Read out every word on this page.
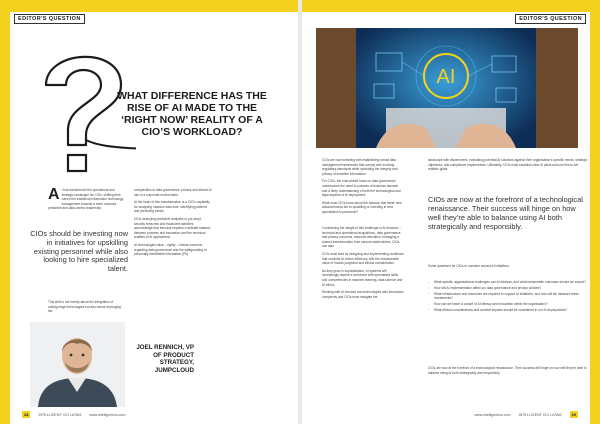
EDITOR'S QUESTION	EDITOR'S QUESTION
WHAT DIFFERENCE HAS THE RISE OF AI MADE TO THE ‘RIGHT NOW’ REALITY OF A CIO’S WORKLOAD?
A I has transformed the operational and strategic landscape for CIOs, shifting their roles from traditional information technology management towards a more nuanced, predictive and data-centric leadership.
This shift is not merely about the integration of cutting-edge technologies but also about leveraging the

complexities of data governance, privacy and ethical AI use in a corporate environment.

At the heart of this transformation is a CIO's capability for analysing massive data sets, identifying patterns and predicting trends.

CIOs deploying predictive analytics to pre-empt security breaches and fraudulent activities acknowledge that this task requires a delicate balance between prowess and innovation and the technical realities of AI applications.

AI technologies raise – rightly – ethical concerns regarding data governance and the safeguarding of personally identifiable information (PII).

CIOs should be investing now in initiatives for upskilling existing personnel while also looking to hire specialized talent.
JOEL RENNICH, VP OF PRODUCT STRATEGY, JUMPCLOUD
AI

CIOs are now wrestling with establishing robust data management frameworks that comply with evolving regulatory standards while upholding the integrity and privacy of sensitive information.

For CIOs, the road ahead focus on data governance underscores the need to possess of business acumen and a deep understanding of both the technological and legal aspects of AI deployment.

What must CIOs know about the balance that these new advancements are to upskilling or investing in new specialised AI personnel?

Considering the weight of this challenge in AI because – technical and operational acquisitions, data governance and privacy concerns, resource allocation, managing a shared transformation from various stakeholders, CIOs can also.

CIOs must lead by designing and implementing workflows that combine AI-driven efficiency with the irreplaceable value of human judgment and ethical consideration.

As they grow in sophistication, AI systems will increasingly require a workforce with specialised skills and competencies in machine learning, data science and AI ethics.

Working with AI vendors and technologies also introduces complexity and CIOs must navigate the

landscape with discernment, evaluating potential AI solutions against their organisation's specific needs, strategic objectives, and compliance requirements. Ultimately, CIOs must establish clear AI pilots and use this to set realistic goals.

CIOs are now at the forefront of a technological renaissance. Their success will hinge on how well they’re able to balance using AI both strategically and responsibly.
Some questions for CIOs to consider around AI initiatives:
• What specific organisational challenges can AI address, and what measurable outcomes should we expect?
• How will AI implementation affect our data governance and privacy policies?
• What infrastructure and resources are required to support AI initiatives, and how will we measure these investments?
• How can we foster a culture of AI literacy and innovation within the organisation?
• What ethical considerations and societal impacts should be considered in our AI deployments?
CIOs are now at the forefront of a technological renaissance. Their success will hinge on how well they're able to balance using AI both strategically and responsibly.
28	INTELLIGENT CIO LATAM www.intelligentcio.com	www.intelligentcio.com INTELLIGENT CIO LATAM	29
